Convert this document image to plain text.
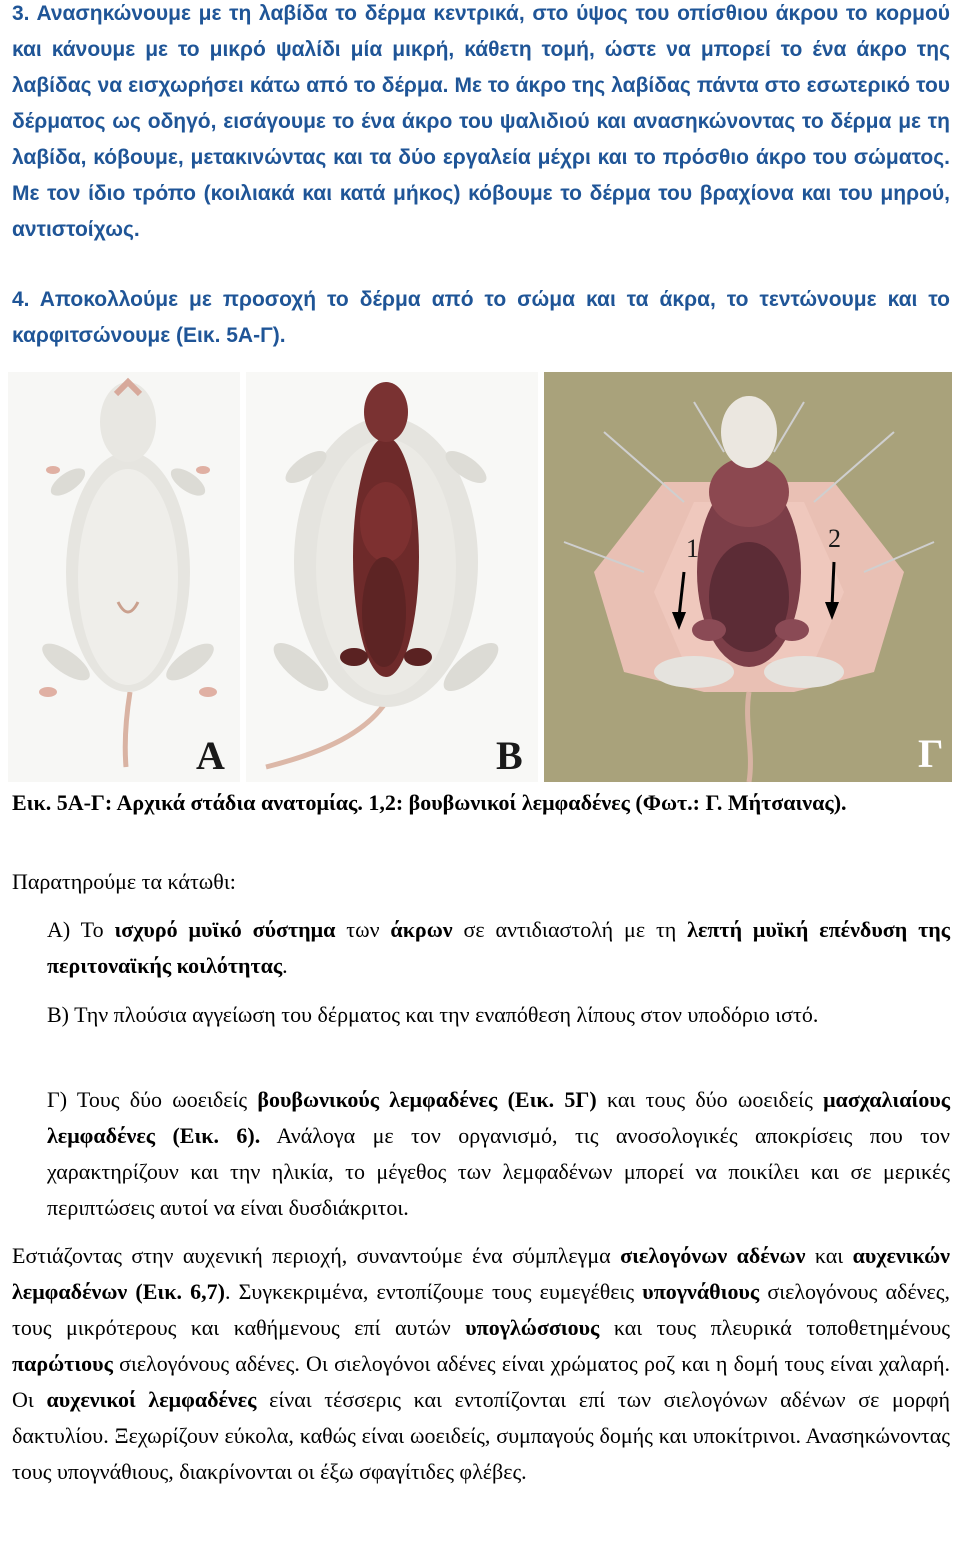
3. Ανασηκώνουμε με τη λαβίδα το δέρμα κεντρικά, στο ύψος του οπίσθιου άκρου το κορμού και κάνουμε με το μικρό ψαλίδι μία μικρή, κάθετη τομή, ώστε να μπορεί το ένα άκρο της λαβίδας να εισχωρήσει κάτω από το δέρμα. Με το άκρο της λαβίδας πάντα στο εσωτερικό του δέρματος ως οδηγό, εισάγουμε το ένα άκρο του ψαλιδιού και ανασηκώνοντας το δέρμα με τη λαβίδα, κόβουμε, μετακινώντας και τα δύο εργαλεία μέχρι και το πρόσθιο άκρο του σώματος. Με τον ίδιο τρόπο (κοιλιακά και κατά μήκος) κόβουμε το δέρμα του βραχίονα και του μηρού, αντιστοίχως.

4. Αποκολλούμε με προσοχή το δέρμα από το σώμα και τα άκρα, το τεντώνουμε και το καρφιτσώνουμε (Εικ. 5Α-Γ).

A	B
1	2
Γ

Εικ. 5Α-Γ: Αρχικά στάδια ανατομίας. 1,2: βουβωνικοί λεμφαδένες (Φωτ.: Γ. Μήτσαινας).

Παρατηρούμε τα κάτωθι:

Α) Το ισχυρό μυϊκό σύστημα των άκρων σε αντιδιαστολή με τη λεπτή μυϊκή επένδυση της περιτοναϊκής κοιλότητας.

Β) Την πλούσια αγγείωση του δέρματος και την εναπόθεση λίπους στον υποδόριο ιστό.

Γ) Τους δύο ωοειδείς βουβωνικούς λεμφαδένες (Εικ. 5Γ) και τους δύο ωοειδείς μασχαλιαίους λεμφαδένες (Εικ. 6). Ανάλογα με τον οργανισμό, τις ανοσολογικές αποκρίσεις που τον χαρακτηρίζουν και την ηλικία, το μέγεθος των λεμφαδένων μπορεί να ποικίλει και σε μερικές περιπτώσεις αυτοί να είναι δυσδιάκριτοι.

Εστιάζοντας στην αυχενική περιοχή, συναντούμε ένα σύμπλεγμα σιελογόνων αδένων και αυχενικών λεμφαδένων (Εικ. 6,7). Συγκεκριμένα, εντοπίζουμε τους ευμεγέθεις υπογνάθιους σιελογόνους αδένες, τους μικρότερους και καθήμενους επί αυτών υπογλώσσιους και τους πλευρικά τοποθετημένους παρώτιους σιελογόνους αδένες. Οι σιελογόνοι αδένες είναι χρώματος ροζ και η δομή τους είναι χαλαρή. Οι αυχενικοί λεμφαδένες είναι τέσσερις και εντοπίζονται επί των σιελογόνων αδένων σε μορφή δακτυλίου. Ξεχωρίζουν εύκολα, καθώς είναι ωοειδείς, συμπαγούς δομής και υποκίτρινοι. Ανασηκώνοντας τους υπογνάθιους, διακρίνονται οι έξω σφαγίτιδες φλέβες.
